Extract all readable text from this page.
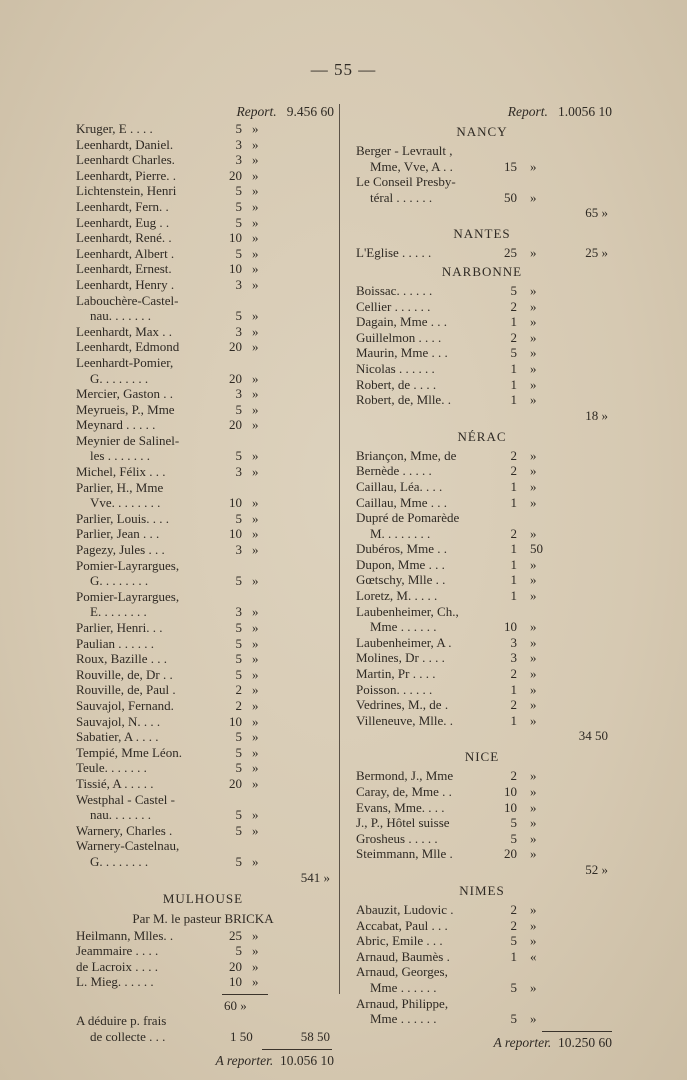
— 55 —
Report. 9.456 60
Kruger, E . . . .	5 »
Leenhardt, Daniel.	3 »
Leenhardt Charles.	3 »
Leenhardt, Pierre. .	20 »
Lichtenstein, Henri	5 »
Leenhardt, Fern. .	5 »
Leenhardt, Eug . .	5 »
Leenhardt, René. .	10 »
Leenhardt, Albert .	5 »
Leenhardt, Ernest.	10 »
Leenhardt, Henry .	3 »
Labouchère-Castel-
nau. . . . . . .	5 »
Leenhardt, Max . .	3 »
Leenhardt, Edmond	20 »
Leenhardt-Pomier,
G. . . . . . . .	20 »
Mercier, Gaston . .	3 »
Meyrueis, P., Mme	5 »
Meynard . . . . .	20 »
Meynier de Salinel-
les . . . . . . .	5 »
Michel, Félix . . .	3 »
Parlier, H., Mme
Vve. . . . . . . .	10 »
Parlier, Louis. . . .	5 »
Parlier, Jean . . .	10 »
Pagezy, Jules . . .	3 »
Pomier-Layrargues,
G. . . . . . . .	5 »
Pomier-Layrargues,
E. . . . . . . .	3 »
Parlier, Henri. . .	5 »
Paulian . . . . . .	5 »
Roux, Bazille . . .	5 »
Rouville, de, Dr . .	5 »
Rouville, de, Paul .	2 »
Sauvajol, Fernand.	2 »
Sauvajol, N. . . .	10 »
Sabatier, A . . . .	5 »
Tempié, Mme Léon.	5 »
Teule. . . . . . .	5 »
Tissié, A . . . . .	20 »
Westphal - Castel -
nau. . . . . . .	5 »
Warnery, Charles .	5 »
Warnery-Castelnau,
G. . . . . . . .	5 »
541 »
MULHOUSE
Par M. le pasteur BRICKA
Heilmann, Mlles. .	25 »
Jeammaire . . . .	5 »
de Lacroix . . . .	20 »
L. Mieg. . . . . .	10 »
60 »
A déduire p. frais
de collecte . . .	1 50	58 50
A reporter. 10.056 10
Report. 1.0056 10
NANCY
Berger - Levrault ,
Mme, Vve, A . .	15 »
Le Conseil Presby-
téral . . . . . .	50 »
65 »
NANTES
L'Eglise . . . . .	25 »	25 »
NARBONNE
Boissac. . . . . .	5 »
Cellier . . . . . .	2 »
Dagain, Mme . . .	1 »
Guillelmon . . . .	2 »
Maurin, Mme . . .	5 »
Nicolas . . . . . .	1 »
Robert, de . . . .	1 »
Robert, de, Mlle. .	1 »
18 »
NÉRAC
Briançon, Mme, de	2 »
Bernède . . . . .	2 »
Caillau, Léa. . . .	1 »
Caillau, Mme . . .	1 »
Dupré de Pomarède
M. . . . . . . .	2 »
Dubéros, Mme . .	1 50
Dupon, Mme . . .	1 »
Gœtschy, Mlle . .	1 »
Loretz, M. . . . .	1 »
Laubenheimer, Ch.,
Mme . . . . . .	10 »
Laubenheimer, A .	3 »
Molines, Dr . . . .	3 »
Martin, Pr . . . .	2 »
Poisson. . . . . .	1 »
Vedrines, M., de .	2 »
Villeneuve, Mlle. .	1 »
34 50
NICE
Bermond, J., Mme	2 »
Caray, de, Mme . .	10 »
Evans, Mme. . . .	10 »
J., P., Hôtel suisse	5 »
Grosheus . . . . .	5 »
Steimmann, Mlle .	20 »
52 »
NIMES
Abauzit, Ludovic .	2 »
Accabat, Paul . . .	2 »
Abric, Emile . . .	5 »
Arnaud, Baumès .	1 «
Arnaud, Georges,
Mme . . . . . .	5 »
Arnaud, Philippe,
Mme . . . . . .	5 »
A reporter. 10.250 60
